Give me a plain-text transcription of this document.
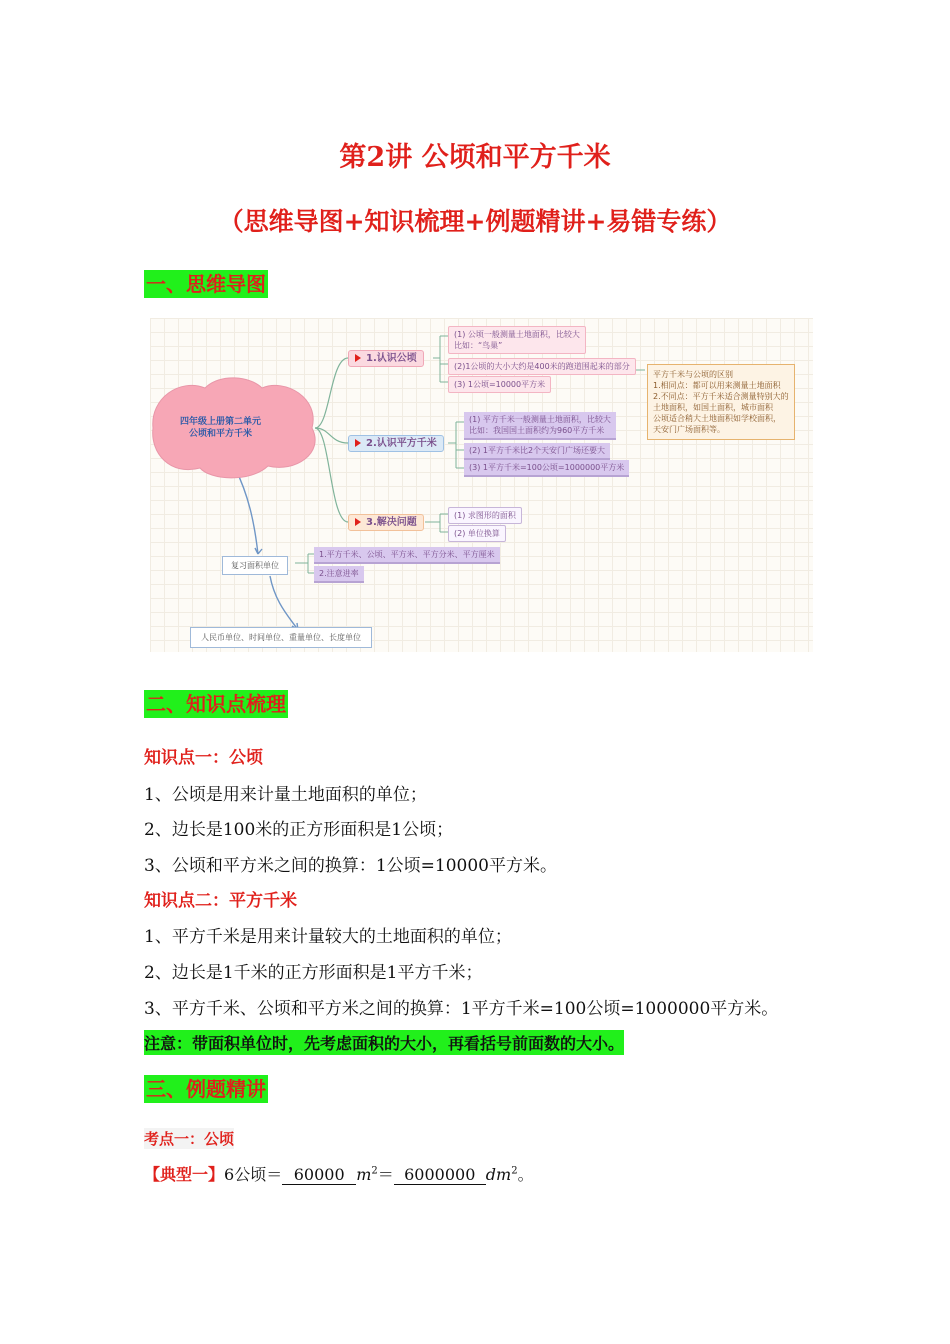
第2讲 公顷和平方千米
（思维导图+知识梳理+例题精讲+易错专练）
一、思维导图
四年级上册第二单元
公顷和平方千米
1.认识公顷
(1) 公顷一般测量土地面积，比较大
比如：“鸟巢”
(2)1公顷的大小大约是400米的跑道围起来的部分
(3) 1公顷=10000平方米
2.认识平方千米
(1) 平方千米一般测量土地面积，比较大
比如：我国国土面积约为960平方千米
(2) 1平方千米比2个天安门广场还要大
(3) 1平方千米=100公顷=1000000平方米
3.解决问题
(1) 求图形的面积
(2) 单位换算
复习面积单位
1.平方千米、公顷、平方米、平方分米、平方厘米
2.注意进率
人民币单位、时间单位、重量单位、长度单位
平方千米与公顷的区别
1.相同点：都可以用来测量土地面积
2.不同点：平方千米适合测量特别大的
土地面积，如国土面积，城市面积
公顷适合稍大土地面积如学校面积，
天安门广场面积等。
二、知识点梳理
知识点一：公顷
1、公顷是用来计量土地面积的单位；
2、边长是100米的正方形面积是1公顷；
3、公顷和平方米之间的换算：1公顷=10000平方米。
知识点二：平方千米
1、平方千米是用来计量较大的土地面积的单位；
2、边长是1千米的正方形面积是1平方千米；
3、平方千米、公顷和平方米之间的换算：1平方千米=100公顷=1000000平方米。
注意：带面积单位时，先考虑面积的大小，再看括号前面数的大小。
三、例题精讲
考点一：公顷
【典型一】6公顷＝ 60000 $m^2= 6000000$ $dm^2$。
